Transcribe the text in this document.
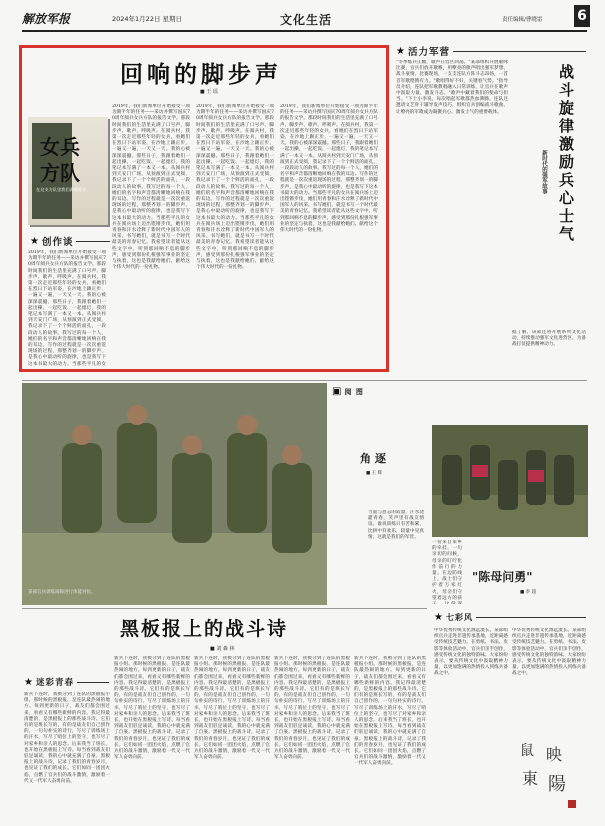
解放军报	2024年1月22日 星期日	文化生活	责任编辑/曹晓雷 6
回响的脚步声
■ 王 瑶
女兵
方队
在这支方队里我们满载荣光
★ 创作谈
2019年，我们新闻单位开始接受一项为期半年的任务——采访并撰写国庆70周年阅兵女兵方队的报告文学。那段时间我们的生活里充满了口号声、脚步声、歌声、呼吸声。在阅兵村，我第一次走近那些年轻的女兵，看她们在烈日下站军姿，在沙地上踢正步，一遍又一遍，一天又一天。我的心被深深震撼。那些日子，我跟着她们一起出操、一起吃饭、一起熄灯，我的笔记本写满了一本又一本。从阅兵村到天安门广场，从预演到正式受阅，我记录下了一个个鲜活的面孔，一段段动人的故事。我写过的每一个人，她们的名字和声音都清晰地回响在我的耳边。写作的过程就是一次次重返现场的过程，那整齐划一的脚步声，是我心中最动听的旋律，也是我写下这本书最大的动力。当那些平凡的女
2019年，我们新闻单位开始接受一项为期半年的任务——采访并撰写国庆70周年阅兵女兵方队的报告文学。那段时间我们的生活里充满了口号声、脚步声、歌声、呼吸声。在阅兵村，我第一次走近那些年轻的女兵，看她们在烈日下站军姿，在沙地上踢正步，一遍又一遍，一天又一天。我的心被深深震撼。那些日子，我跟着她们一起出操、一起吃饭、一起熄灯，我的笔记本写满了一本又一本。从阅兵村到天安门广场，从预演到正式受阅，我记录下了一个个鲜活的面孔，一段段动人的故事。我写过的每一个人，她们的名字和声音都清晰地回响在我的耳边。写作的过程就是一次次重返现场的过程，那整齐划一的脚步声，是我心中最动听的旋律，也是我写下这本书最大的动力。当那些平凡的女兵在阅兵场上迈出铿锵步伐，她们用青春和汗水诠释了新时代中国军人的风采。书写她们，就是书写一个时代最美的青春记忆。我希望读者能从这些文字中，听到那回响不息的脚步声，感受到那份扎根强军事业的坚定与执着，这也是我献给她们、献给这个伟大时代的一份礼物。
2019年，我们新闻单位开始接受一项为期半年的任务——采访并撰写国庆70周年阅兵女兵方队的报告文学。那段时间我们的生活里充满了口号声、脚步声、歌声、呼吸声。在阅兵村，我第一次走近那些年轻的女兵，看她们在烈日下站军姿，在沙地上踢正步，一遍又一遍，一天又一天。我的心被深深震撼。那些日子，我跟着她们一起出操、一起吃饭、一起熄灯，我的笔记本写满了一本又一本。从阅兵村到天安门广场，从预演到正式受阅，我记录下了一个个鲜活的面孔，一段段动人的故事。我写过的每一个人，她们的名字和声音都清晰地回响在我的耳边。写作的过程就是一次次重返现场的过程，那整齐划一的脚步声，是我心中最动听的旋律，也是我写下这本书最大的动力。当那些平凡的女兵在阅兵场上迈出铿锵步伐，她们用青春和汗水诠释了新时代中国军人的风采。书写她们，就是书写一个时代最美的青春记忆。我希望读者能从这些文字中，听到那回响不息的脚步声，感受到那份扎根强军事业的坚定与执着，这也是我献给她们、献给这个伟大时代的一份礼物。
2019年，我们新闻单位开始接受一项为期半年的任务——采访并撰写国庆70周年阅兵女兵方队的报告文学。那段时间我们的生活里充满了口号声、脚步声、歌声、呼吸声。在阅兵村，我第一次走近那些年轻的女兵，看她们在烈日下站军姿，在沙地上踢正步，一遍又一遍，一天又一天。我的心被深深震撼。那些日子，我跟着她们一起出操、一起吃饭、一起熄灯，我的笔记本写满了一本又一本。从阅兵村到天安门广场，从预演到正式受阅，我记录下了一个个鲜活的面孔，一段段动人的故事。我写过的每一个人，她们的名字和声音都清晰地回响在我的耳边。写作的过程就是一次次重返现场的过程，那整齐划一的脚步声，是我心中最动听的旋律，也是我写下这本书最大的动力。当那些平凡的女兵在阅兵场上迈出铿锵步伐，她们用青春和汗水诠释了新时代中国军人的风采。书写她们，就是书写一个时代最美的青春记忆。我希望读者能从这些文字中，听到那回响不息的脚步声，感受到那份扎根强军事业的坚定与执着，这也是我献给她们、献给这个伟大时代的一份礼物。
★ 活力军营
"冬季练兵正酣，歌声在营区回荡。"某部组织开展歌咏比赛，官兵们放开歌喉，用嘹亮的歌声唱出强军梦想、战斗豪情。比赛现场，一支支连队方阵斗志昂扬，一首首军歌铿锵有力。"歌唱得好不好，关键看气势。"指导员介绍，连队把军歌教唱融入日常训练，让官兵在歌声中汲取力量、激发斗志。"歌声中藏着我们的使命与担当。"下士小李说，每次唱起军歌都热血沸腾。连队还邀请文艺骨干辅导发声技巧，组织官兵创编战斗歌曲，让嘹亮的军歌成为凝聚兵心、激发士气的重要载体。	战斗旋律激励兵心士气
新时代的强军故事
据了解，该部还将开展系列文化活动，持续推动强军文化进营区，为备战打仗提供精神动力。
某部官兵训练间隙进行体能对抗。
▣ 阅 图
角 逐
■ 王 辉
力量与意志的较量，汗水浇灌青春，笑声里有战友情谊。谁说训练只有苦和累，比拼中有欢乐，较量中见真情，这就是我们的军营。
"陈母问勇"
■ 李 超
一份来自家乡的牵挂，一句亲切的问候，母亲的叮咛化作前行的力量。在边防线上，战士们守护着万家灯火，母亲们守望着远方的孩
黑板报上的战斗诗
■ 刘 森 林
★ 迷彩青春
新兵下连时，我被分到了连队的黑板报小组。那时候的黑板报，是连队最热闹的地方。每到更新的日子，战友们都会围过来，看看又有哪些新鲜的内容。我记得最清楚的，是黑板报上的那些战斗诗。它们有的是班长写的，有的是战友们自己创作的，一句句朴实的诗行，写尽了训练场上的汗水，写尽了哨位上的坚守，也写尽了对家乡和亲人的思念。后来我当了班长，也开始在黑板报上写诗。每当看到战友们驻足诵读，我的心中就充满了自豪。黑板报上的战斗诗，记录了我们的青春岁月，也见证了我们的成长。它们如同一团团火焰，点燃了官兵们的战斗激情，激励着一代又一代军人奋勇向前。
新兵下连时，我被分到了连队的黑板报小组。那时候的黑板报，是连队最热闹的地方。每到更新的日子，战友们都会围过来，看看又有哪些新鲜的内容。我记得最清楚的，是黑板报上的那些战斗诗。它们有的是班长写的，有的是战友们自己创作的，一句句朴实的诗行，写尽了训练场上的汗水，写尽了哨位上的坚守，也写尽了对家乡和亲人的思念。后来我当了班长，也开始在黑板报上写诗。每当看到战友们驻足诵读，我的心中就充满了自豪。黑板报上的战斗诗，记录了我们的青春岁月，也见证了我们的成长。它们如同一团团火焰，点燃了官兵们的战斗激情，激励着一代又一代军人奋勇向前。
新兵下连时，我被分到了连队的黑板报小组。那时候的黑板报，是连队最热闹的地方。每到更新的日子，战友们都会围过来，看看又有哪些新鲜的内容。我记得最清楚的，是黑板报上的那些战斗诗。它们有的是班长写的，有的是战友们自己创作的，一句句朴实的诗行，写尽了训练场上的汗水，写尽了哨位上的坚守，也写尽了对家乡和亲人的思念。后来我当了班长，也开始在黑板报上写诗。每当看到战友们驻足诵读，我的心中就充满了自豪。黑板报上的战斗诗，记录了我们的青春岁月，也见证了我们的成长。它们如同一团团火焰，点燃了官兵们的战斗激情，激励着一代又一代军人奋勇向前。
新兵下连时，我被分到了连队的黑板报小组。那时候的黑板报，是连队最热闹的地方。每到更新的日子，战友们都会围过来，看看又有哪些新鲜的内容。我记得最清楚的，是黑板报上的那些战斗诗。它们有的是班长写的，有的是战友们自己创作的，一句句朴实的诗行，写尽了训练场上的汗水，写尽了哨位上的坚守，也写尽了对家乡和亲人的思念。后来我当了班长，也开始在黑板报上写诗。每当看到战友们驻足诵读，我的心中就充满了自豪。黑板报上的战斗诗，记录了我们的青春岁月，也见证了我们的成长。它们如同一团团火焰，点燃了官兵们的战斗激情，激励着一代又一代军人奋勇向前。
新兵下连时，我被分到了连队的黑板报小组。那时候的黑板报，是连队最热闹的地方。每到更新的日子，战友们都会围过来，看看又有哪些新鲜的内容。我记得最清楚的，是黑板报上的那些战斗诗。它们有的是班长写的，有的是战友们自己创作的，一句句朴实的诗行，写尽了训练场上的汗水，写尽了哨位上的坚守，也写尽了对家乡和亲人的思念。后来我当了班长，也开始在黑板报上写诗。每当看到战友们驻足诵读，我的心中就充满了自豪。黑板报上的战斗诗，记录了我们的青春岁月，也见证了我们的成长。它们如同一团团火焰，点燃了官兵们的战斗激情，激励着一代又一代军人奋勇向前。
★ 七彩风
中华优秀传统文化源远流长。某部组织官兵走进非遗传承基地，近距离感受传统技艺魅力。在剪纸、书法、皮影等体验活动中，官兵们亲手创作，感受传统文化的独特韵味。大家纷纷表示，要从传统文化中汲取精神力量，以更加饱满的热情投入到练兵备战之中。
中华优秀传统文化源远流长。某部组织官兵走进非遗传承基地，近距离感受传统技艺魅力。在剪纸、书法、皮影等体验活动中，官兵们亲手创作，感受传统文化的独特韵味。大家纷纷表示，要从传统文化中汲取精神力量，以更加饱满的热情投入到练兵备战之中。
鼠 映
東 陽
